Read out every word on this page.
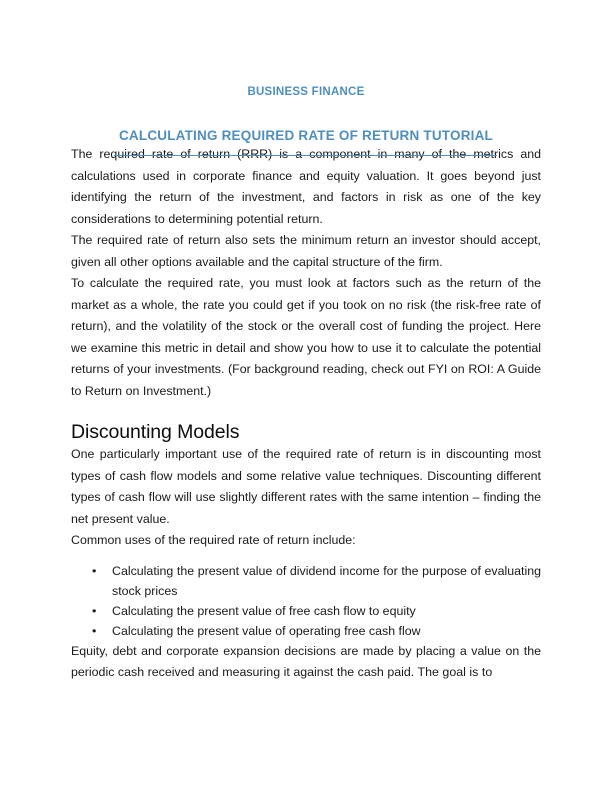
BUSINESS FINANCE
CALCULATING REQUIRED RATE OF RETURN TUTORIAL

The required rate of return (RRR) is a component in many of the metrics and calculations used in corporate finance and equity valuation. It goes beyond just identifying the return of the investment, and factors in risk as one of the key considerations to determining potential return.

The required rate of return also sets the minimum return an investor should accept, given all other options available and the capital structure of the firm.

To calculate the required rate, you must look at factors such as the return of the market as a whole, the rate you could get if you took on no risk (the risk-free rate of return), and the volatility of the stock or the overall cost of funding the project. Here we examine this metric in detail and show you how to use it to calculate the potential returns of your investments. (For background reading, check out FYI on ROI: A Guide to Return on Investment.)

Discounting Models

One particularly important use of the required rate of return is in discounting most types of cash flow models and some relative value techniques. Discounting different types of cash flow will use slightly different rates with the same intention – finding the net present value.

Common uses of the required rate of return include:

• Calculating the present value of dividend income for the purpose of evaluating stock prices
• Calculating the present value of free cash flow to equity
• Calculating the present value of operating free cash flow

Equity, debt and corporate expansion decisions are made by placing a value on the periodic cash received and measuring it against the cash paid. The goal is to
